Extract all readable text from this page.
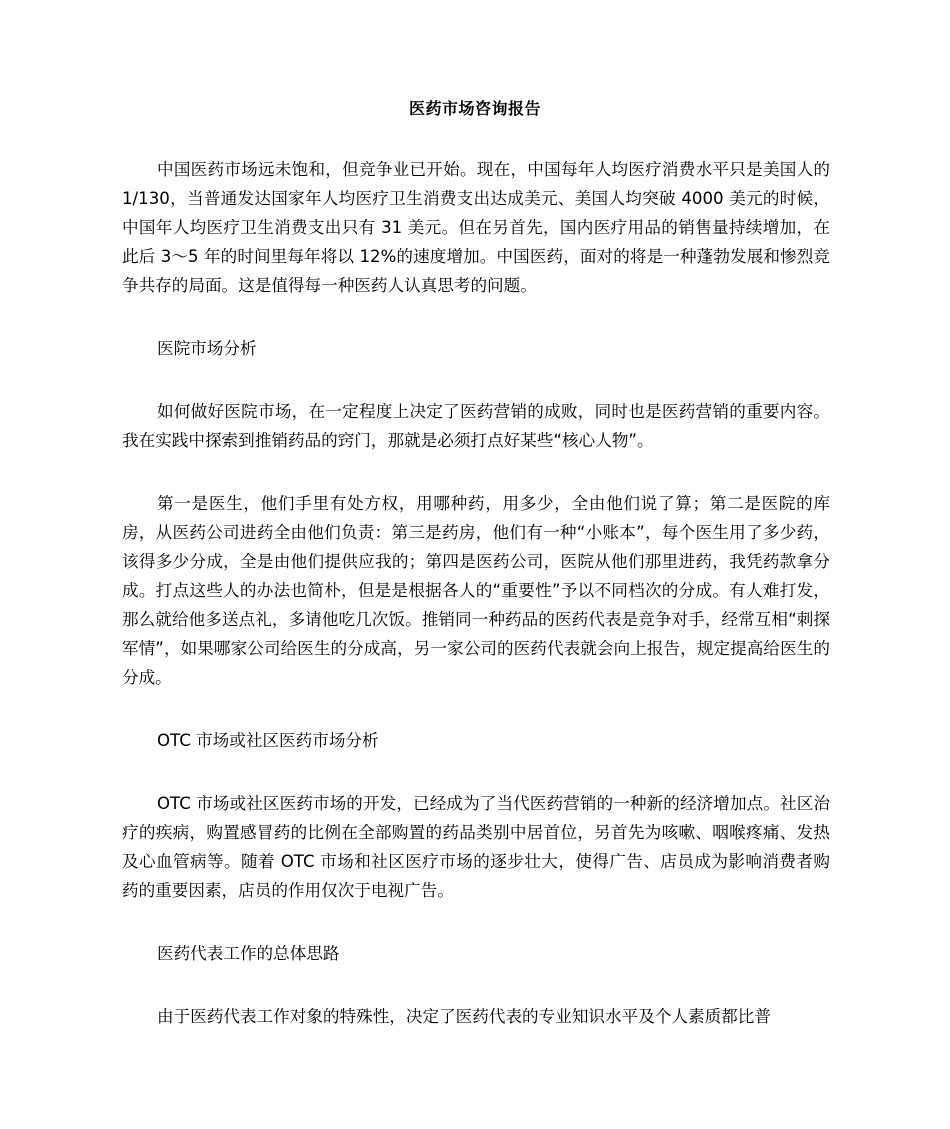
医药市场咨询报告

中国医药市场远未饱和，但竞争业已开始。现在，中国每年人均医疗消费水平只是美国人的 1/130，当普通发达国家年人均医疗卫生消费支出达成美元、美国人均突破 4000 美元的时候，中国年人均医疗卫生消费支出只有 31 美元。但在另首先，国内医疗用品的销售量持续增加，在此后 3～5 年的时间里每年将以 12%的速度增加。中国医药，面对的将是一种蓬勃发展和惨烈竞争共存的局面。这是值得每一种医药人认真思考的问题。

医院市场分析

如何做好医院市场，在一定程度上决定了医药营销的成败，同时也是医药营销的重要内容。我在实践中探索到推销药品的窍门，那就是必须打点好某些“核心人物”。

第一是医生，他们手里有处方权，用哪种药，用多少，全由他们说了算；第二是医院的库房，从医药公司进药全由他们负责：第三是药房，他们有一种“小账本”，每个医生用了多少药，该得多少分成，全是由他们提供应我的；第四是医药公司，医院从他们那里进药，我凭药款拿分成。打点这些人的办法也简朴，但是是根据各人的“重要性”予以不同档次的分成。有人难打发，那么就给他多送点礼，多请他吃几次饭。推销同一种药品的医药代表是竞争对手，经常互相“刺探军情”，如果哪家公司给医生的分成高，另一家公司的医药代表就会向上报告，规定提高给医生的分成。

OTC 市场或社区医药市场分析

OTC 市场或社区医药市场的开发，已经成为了当代医药营销的一种新的经济增加点。社区治疗的疾病，购置感冒药的比例在全部购置的药品类别中居首位，另首先为咳嗽、咽喉疼痛、发热及心血管病等。随着 OTC 市场和社区医疗市场的逐步壮大，使得广告、店员成为影响消费者购药的重要因素，店员的作用仅次于电视广告。

医药代表工作的总体思路

由于医药代表工作对象的特殊性，决定了医药代表的专业知识水平及个人素质都比普
